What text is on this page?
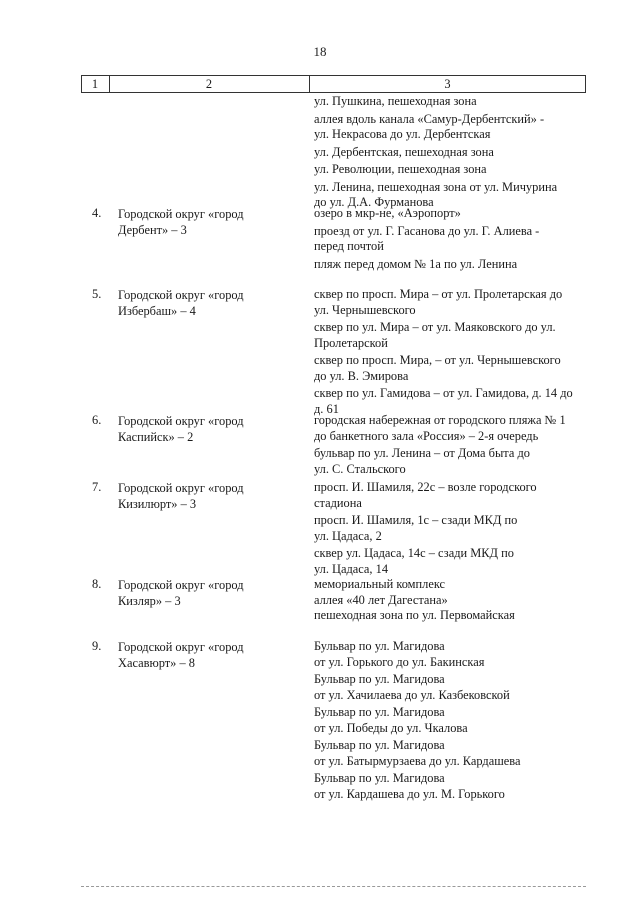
18
1	2	3
ул. Пушкина, пешеходная зона
аллея вдоль канала «Самур-Дербентский» -
ул. Некрасова до ул. Дербентская
ул. Дербентская, пешеходная зона
ул. Революции, пешеходная зона
ул. Ленина, пешеходная зона от ул. Мичурина
до ул. Д.А. Фурманова
4. Городской округ «город
Дербент» – 3
озеро в мкр-не, «Аэропорт»
проезд от ул. Г. Гасанова до ул. Г. Алиева -
перед почтой
пляж перед домом № 1а по ул. Ленина
5. Городской округ «город
Избербаш» – 4
сквер по просп. Мира – от ул. Пролетарская до
ул. Чернышевского
сквер по ул. Мира – от ул. Маяковского до ул.
Пролетарской
сквер по просп. Мира, – от ул. Чернышевского
до ул. В. Эмирова
сквер по ул. Гамидова – от ул. Гамидова, д. 14 до
д. 61
6. Городской округ «город
Каспийск» – 2
городская набережная от городского пляжа № 1
до банкетного зала «Россия» – 2-я очередь
бульвар по ул. Ленина – от Дома быта до
ул. С. Стальского
7. Городской округ «город
Кизилюрт» – 3
просп. И. Шамиля, 22с – возле городского
стадиона
просп. И. Шамиля, 1с – сзади МКД по
ул. Цадаса, 2
сквер ул. Цадаса, 14с – сзади МКД по
ул. Цадаса, 14
8. Городской округ «город
Кизляр» – 3
мемориальный комплекс
аллея «40 лет Дагестана»
пешеходная зона по ул. Первомайская
9. Городской округ «город
Хасавюрт» – 8
Бульвар по ул. Магидова
от ул. Горького до ул. Бакинская
Бульвар по ул. Магидова
от ул. Хачилаева до ул. Казбековской
Бульвар по ул. Магидова
от ул. Победы до ул. Чкалова
Бульвар по ул. Магидова
от ул. Батырмурзаева до ул. Кардашева
Бульвар по ул. Магидова
от ул. Кардашева до ул. М. Горького
